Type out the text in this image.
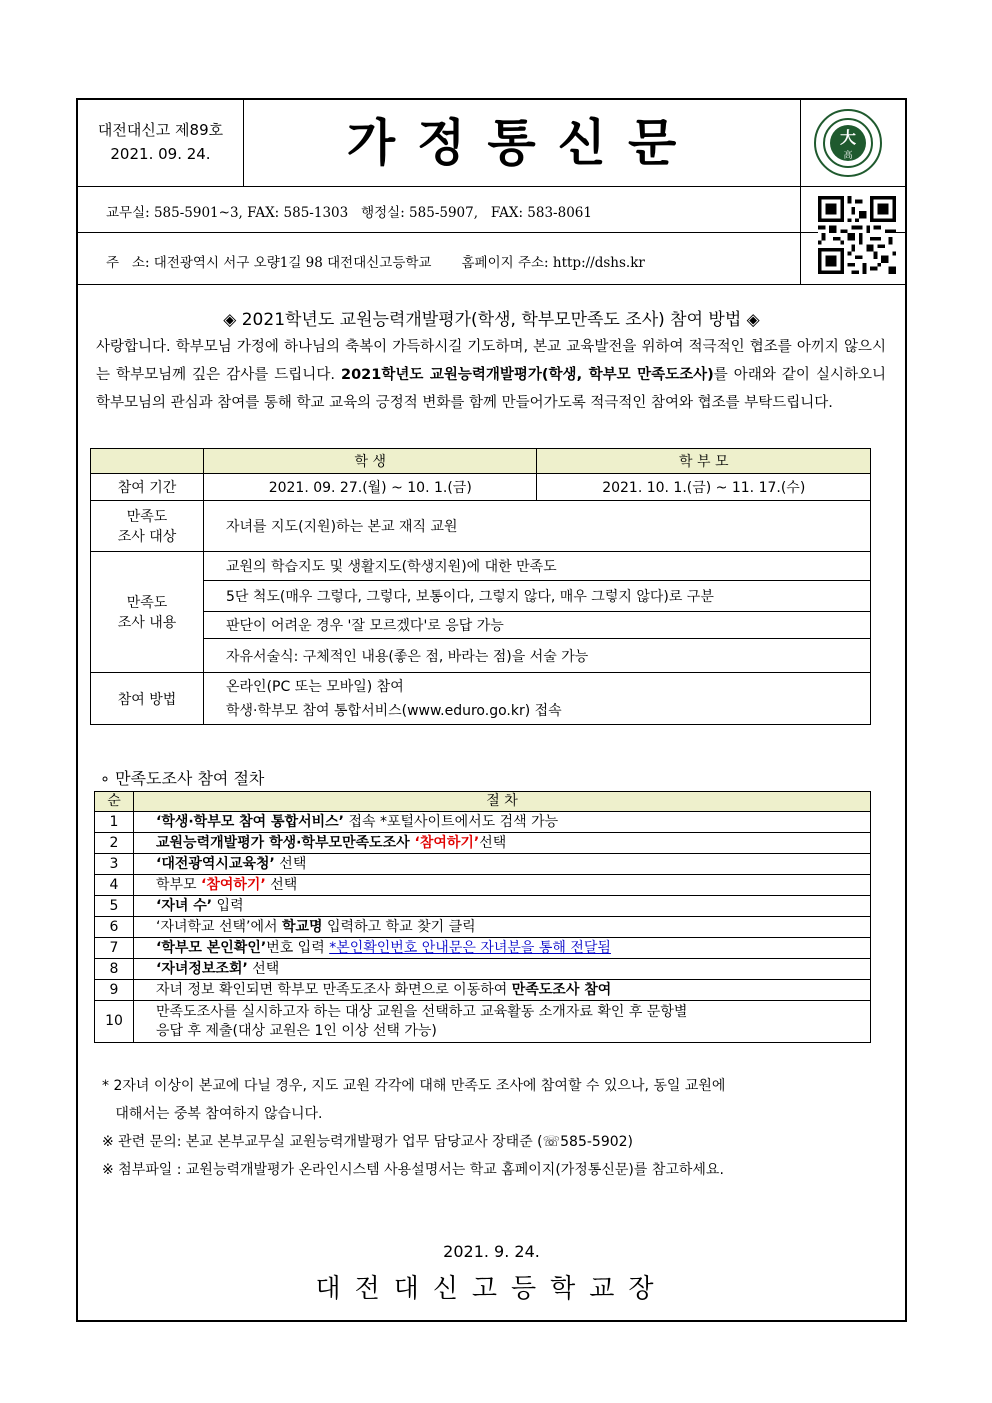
대전대신고 제89호
2021. 09. 24.	가정통신문	大
高
교무실: 585-5901~3, FAX: 585-1303   행정실: 585-5907,   FAX: 583-8061
주   소: 대전광역시 서구 오량1길 98 대전대신고등학교       홈페이지 주소: http://dshs.kr
◈ 2021학년도 교원능력개발평가(학생, 학부모만족도 조사) 참여 방법 ◈
사랑합니다. 학부모님 가정에 하나님의 축복이 가득하시길 기도하며, 본교 교육발전을 위하여 적극적인 협조를 아끼지 않으시는 학부모님께 깊은 감사를 드립니다. 2021학년도 교원능력개발평가(학생, 학부모 만족도조사)를 아래와 같이 실시하오니 학부모님의 관심과 참여를 통해 학교 교육의 긍정적 변화를 함께 만들어가도록 적극적인 참여와 협조를 부탁드립니다.
	학 생	학 부 모
참여 기간	2021. 09. 27.(월) ~ 10. 1.(금)	2021. 10. 1.(금) ~ 11. 17.(수)
만족도
조사 대상	자녀를 지도(지원)하는 본교 재직 교원	
만족도
조사 내용	교원의 학습지도 및 생활지도(학생지원)에 대한 만족도	
	5단 척도(매우 그렇다, 그렇다, 보통이다, 그렇지 않다, 매우 그렇지 않다)로 구분	
	판단이 어려운 경우 '잘 모르겠다'로 응답 가능	
	자유서술식: 구체적인 내용(좋은 점, 바라는 점)을 서술 가능	
참여 방법	온라인(PC 또는 모바일) 참여
학생·학부모 참여 통합서비스(www.eduro.go.kr) 접속	
∘ 만족도조사 참여 절차
순	절 차
1	‘학생·학부모 참여 통합서비스’ 접속 *포털사이트에서도 검색 가능
2	교원능력개발평가 학생·학부모만족도조사 ‘참여하기’선택
3	‘대전광역시교육청’ 선택
4	학부모 ‘참여하기’ 선택
5	‘자녀 수’ 입력
6	‘자녀학교 선택’에서 학교명 입력하고 학교 찾기 클릭
7	‘학부모 본인확인’번호 입력 *본인확인번호 안내문은 자녀분을 통해 전달됨
8	‘자녀정보조회’ 선택
9	자녀 정보 확인되면 학부모 만족도조사 화면으로 이동하여 만족도조사 참여
10	만족도조사를 실시하고자 하는 대상 교원을 선택하고 교육활동 소개자료 확인 후 문항별
응답 후 제출(대상 교원은 1인 이상 선택 가능)
* 2자녀 이상이 본교에 다닐 경우, 지도 교원 각각에 대해 만족도 조사에 참여할 수 있으나, 동일 교원에
대해서는 중복 참여하지 않습니다.
※ 관련 문의: 본교 본부교무실 교원능력개발평가 업무 담당교사 장태준 (☏585-5902)
※ 첨부파일 : 교원능력개발평가 온라인시스템 사용설명서는 학교 홈페이지(가정통신문)를 참고하세요.
2021. 9. 24.
대전대신고등학교장
